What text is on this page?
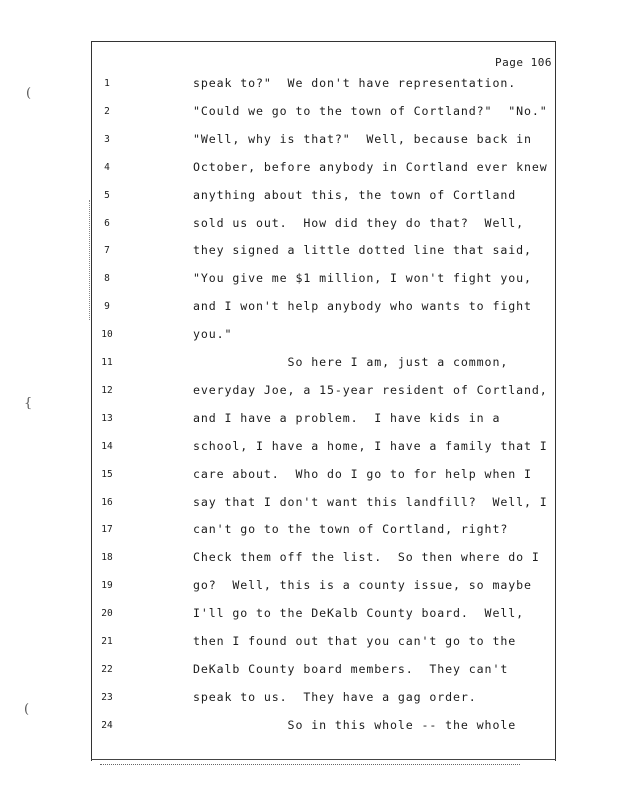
(
{
(
Page 106
1	speak to?"  We don't have representation.
2	"Could we go to the town of Cortland?"  "No."
3	"Well, why is that?"  Well, because back in
4	October, before anybody in Cortland ever knew
5	anything about this, the town of Cortland
6	sold us out.  How did they do that?  Well,
7	they signed a little dotted line that said,
8	"You give me $1 million, I won't fight you,
9	and I won't help anybody who wants to fight
10	you."
11	So here I am, just a common,
12	everyday Joe, a 15-year resident of Cortland,
13	and I have a problem.  I have kids in a
14	school, I have a home, I have a family that I
15	care about.  Who do I go to for help when I
16	say that I don't want this landfill?  Well, I
17	can't go to the town of Cortland, right?
18	Check them off the list.  So then where do I
19	go?  Well, this is a county issue, so maybe
20	I'll go to the DeKalb County board.  Well,
21	then I found out that you can't go to the
22	DeKalb County board members.  They can't
23	speak to us.  They have a gag order.
24	So in this whole -- the whole
